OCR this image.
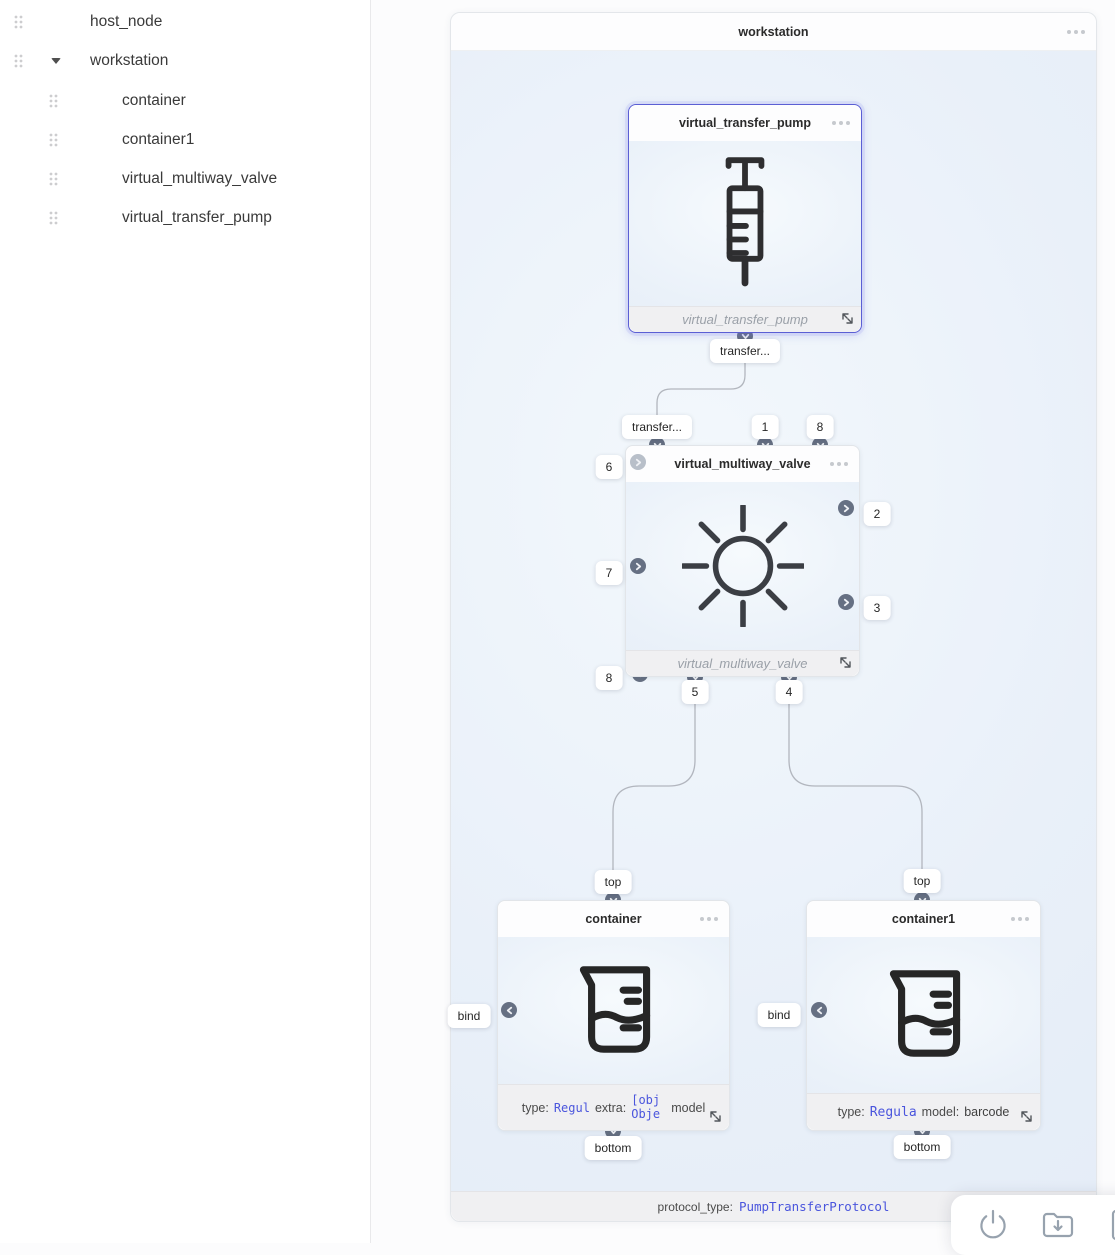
host_node
workstation
container
container1
virtual_multiway_valve
virtual_transfer_pump
workstation
protocol_type: PumpTransferProtocol
virtual_transfer_pump
virtual_transfer_pump
virtual_multiway_valve
virtual_multiway_valve
container
type: Regul extra:
[obj Obje model
container1
type: Regula model: barcode
transfer...
transfer...	1	8
6
7
8
2
3
5	4
top
bind
bottom
top
bind
bottom
